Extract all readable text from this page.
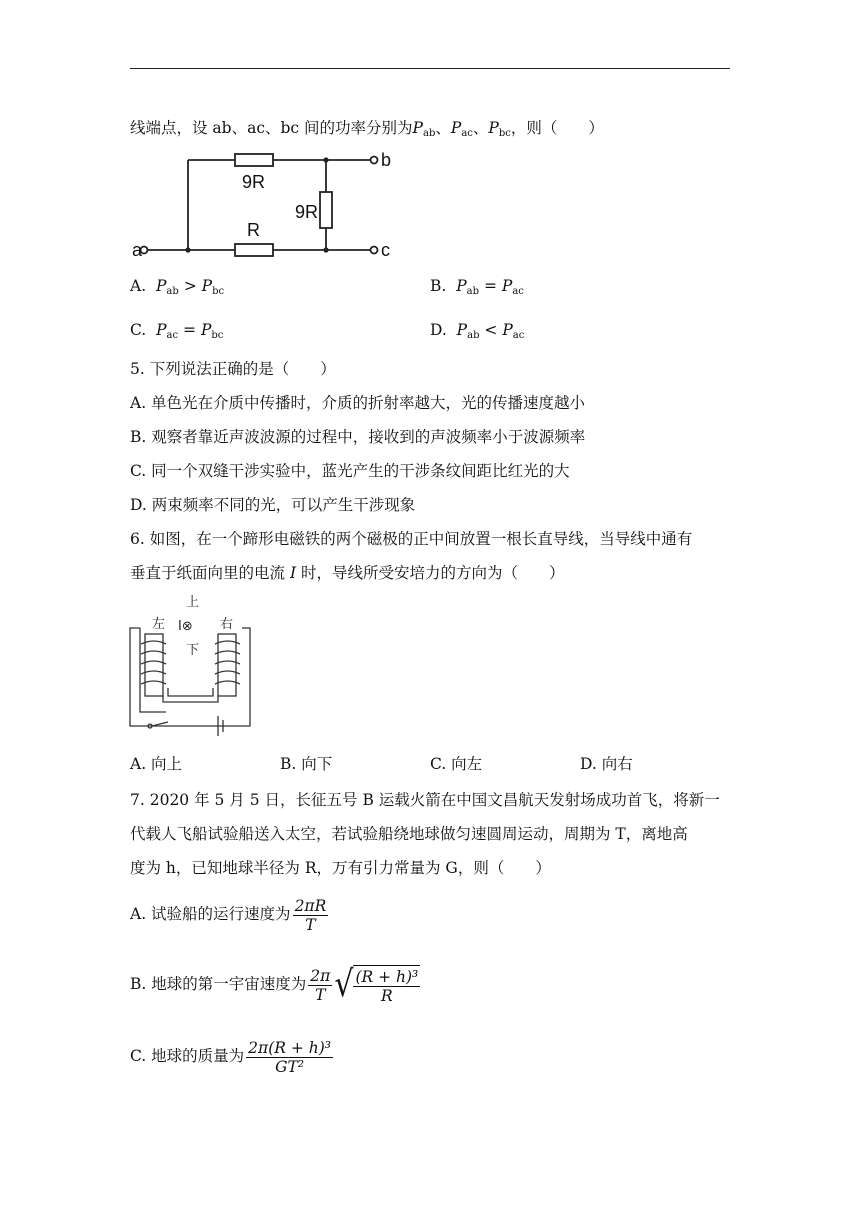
线端点，设 ab、ac、bc 间的功率分别为$P_{ab}$、$P_{ac}$、$P_{bc}$，则（　　）
9R
9R
R
a
b
c
A. $P_{ab} > P_{bc}$	B. $P_{ab} = P_{ac}$
C. $P_{ac} = P_{bc}$	D. $P_{ab} < P_{ac}$
5. 下列说法正确的是（　　）
A. 单色光在介质中传播时，介质的折射率越大，光的传播速度越小
B. 观察者靠近声波波源的过程中，接收到的声波频率小于波源频率
C. 同一个双缝干涉实验中，蓝光产生的干涉条纹间距比红光的大
D. 两束频率不同的光，可以产生干涉现象
6. 如图，在一个蹄形电磁铁的两个磁极的正中间放置一根长直导线，当导线中通有
垂直于纸面向里的电流 I 时，导线所受安培力的方向为（　　）
上
左	右
I⊗
下
A. 向上	B. 向下	C. 向左	D. 向右
7. 2020 年 5 月 5 日，长征五号 B 运载火箭在中国文昌航天发射场成功首飞，将新一
代载人飞船试验船送入太空，若试验船绕地球做匀速圆周运动，周期为 T，离地高
度为 h，已知地球半径为 R，万有引力常量为 G，则（　　）
A. 试验船的运行速度为 $\frac{2\pi R}{T}$
B. 地球的第一宇宙速度为 $\frac{2\pi}{T}$ √ $\frac{\text{(R + h)³}}{R}$
C. 地球的质量为 $\frac{\text{2π(R + h)³}}{\text{GT²}}$
